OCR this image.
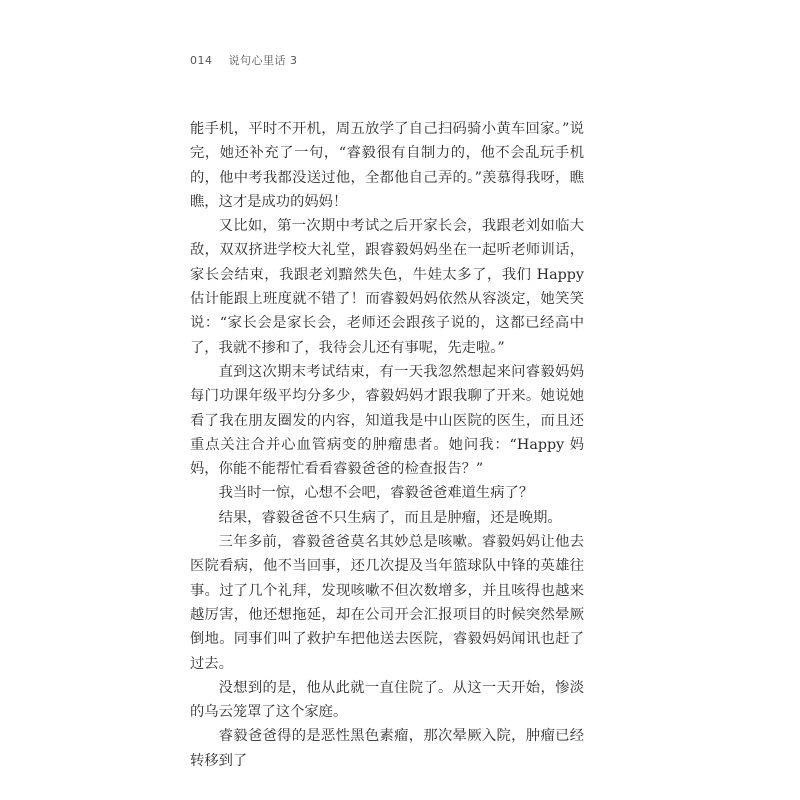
014 说句心里话 3

能手机，平时不开机，周五放学了自己扫码骑小黄车回家。”说完，她还补充了一句，“睿毅很有自制力的，他不会乱玩手机的，他中考我都没送过他，全都他自己弄的。”羡慕得我呀，瞧瞧，这才是成功的妈妈！

又比如，第一次期中考试之后开家长会，我跟老刘如临大敌，双双挤进学校大礼堂，跟睿毅妈妈坐在一起听老师训话，家长会结束，我跟老刘黯然失色，牛娃太多了，我们 Happy 估计能跟上班度就不错了！而睿毅妈妈依然从容淡定，她笑笑说：“家长会是家长会，老师还会跟孩子说的，这都已经高中了，我就不掺和了，我待会儿还有事呢，先走啦。”

直到这次期末考试结束，有一天我忽然想起来问睿毅妈妈每门功课年级平均分多少，睿毅妈妈才跟我聊了开来。她说她看了我在朋友圈发的内容，知道我是中山医院的医生，而且还重点关注合并心血管病变的肿瘤患者。她问我：“Happy 妈妈，你能不能帮忙看看睿毅爸爸的检查报告？”

我当时一惊，心想不会吧，睿毅爸爸难道生病了？

结果，睿毅爸爸不只生病了，而且是肿瘤，还是晚期。

三年多前，睿毅爸爸莫名其妙总是咳嗽。睿毅妈妈让他去医院看病，他不当回事，还几次提及当年篮球队中锋的英雄往事。过了几个礼拜，发现咳嗽不但次数增多，并且咳得也越来越厉害，他还想拖延，却在公司开会汇报项目的时候突然晕厥倒地。同事们叫了救护车把他送去医院，睿毅妈妈闻讯也赶了过去。

没想到的是，他从此就一直住院了。从这一天开始，惨淡的乌云笼罩了这个家庭。

睿毅爸爸得的是恶性黑色素瘤，那次晕厥入院，肿瘤已经转移到了
